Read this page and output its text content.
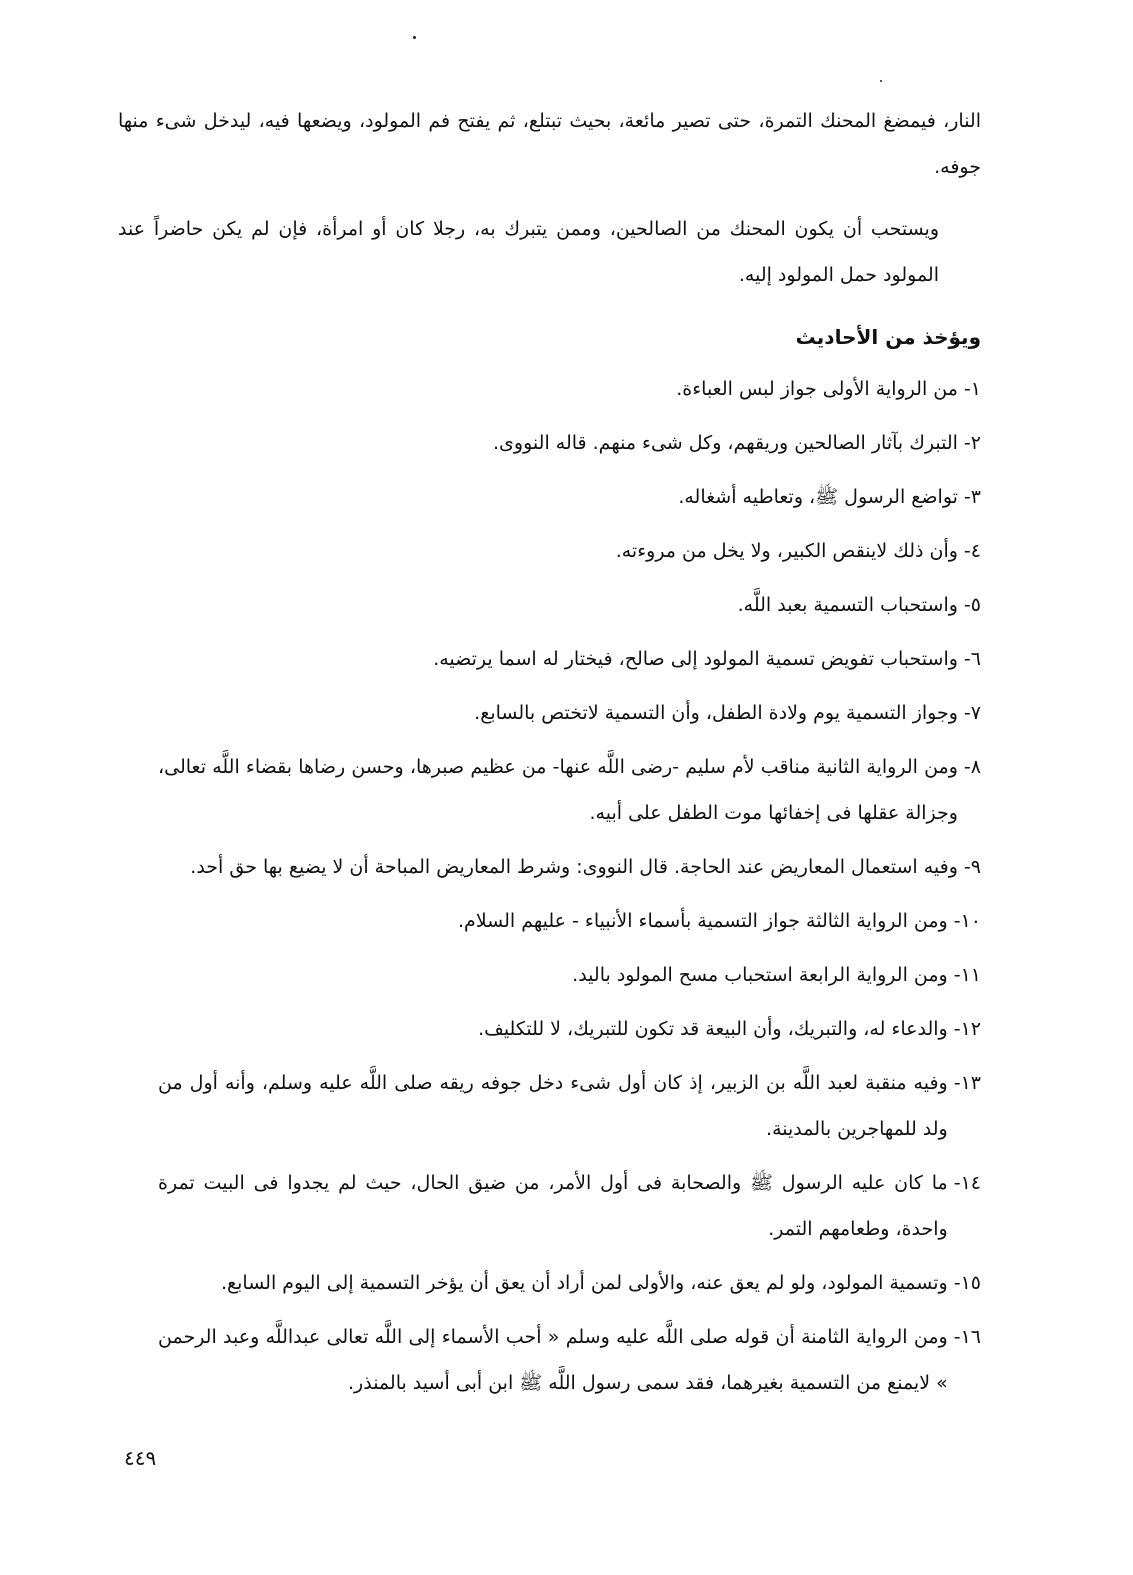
النار، فيمضغ المحنك التمرة، حتى تصير مائعة، بحيث تبتلع، ثم يفتح فم المولود، ويضعها فيه، ليدخل شىء منها جوفه.

ويستحب أن يكون المحنك من الصالحين، وممن يتبرك به، رجلا كان أو امرأة، فإن لم يكن حاضراً عند المولود حمل المولود إليه.

ويؤخذ من الأحاديث
١-
من الرواية الأولى جواز لبس العباءة.
٢-
التبرك بآثار الصالحين وريقهم، وكل شىء منهم. قاله النووى.
٣-
تواضع الرسول ﷺ، وتعاطيه أشغاله.
٤-
وأن ذلك لاينقص الكبير، ولا يخل من مروءته.
٥-
واستحباب التسمية بعبد اللَّه.
٦-
واستحباب تفويض تسمية المولود إلى صالح، فيختار له اسما يرتضيه.
٧-
وجواز التسمية يوم ولادة الطفل، وأن التسمية لاتختص بالسابع.
٨-
ومن الرواية الثانية مناقب لأم سليم -رضى اللَّه عنها- من عظيم صبرها، وحسن رضاها بقضاء اللَّه تعالى، وجزالة عقلها فى إخفائها موت الطفل على أبيه.
٩-
وفيه استعمال المعاريض عند الحاجة. قال النووى: وشرط المعاريض المباحة أن لا يضيع بها حق أحد.
١٠-
ومن الرواية الثالثة جواز التسمية بأسماء الأنبياء - عليهم السلام.
١١-
ومن الرواية الرابعة استحباب مسح المولود باليد.
١٢-
والدعاء له، والتبريك، وأن البيعة قد تكون للتبريك، لا للتكليف.
١٣-
وفيه منقبة لعبد اللَّه بن الزبير، إذ كان أول شىء دخل جوفه ريقه صلى اللَّه عليه وسلم، وأنه أول من ولد للمهاجرين بالمدينة.
١٤-
ما كان عليه الرسول ﷺ والصحابة فى أول الأمر، من ضيق الحال، حيث لم يجدوا فى البيت تمرة واحدة، وطعامهم التمر.
١٥-
وتسمية المولود، ولو لم يعق عنه، والأولى لمن أراد أن يعق أن يؤخر التسمية إلى اليوم السابع.
١٦-
ومن الرواية الثامنة أن قوله صلى اللَّه عليه وسلم « أحب الأسماء إلى اللَّه تعالى عبداللَّه وعبد الرحمن » لايمنع من التسمية بغيرهما، فقد سمى رسول اللَّه ﷺ ابن أبى أسيد بالمنذر.
٤٤٩
